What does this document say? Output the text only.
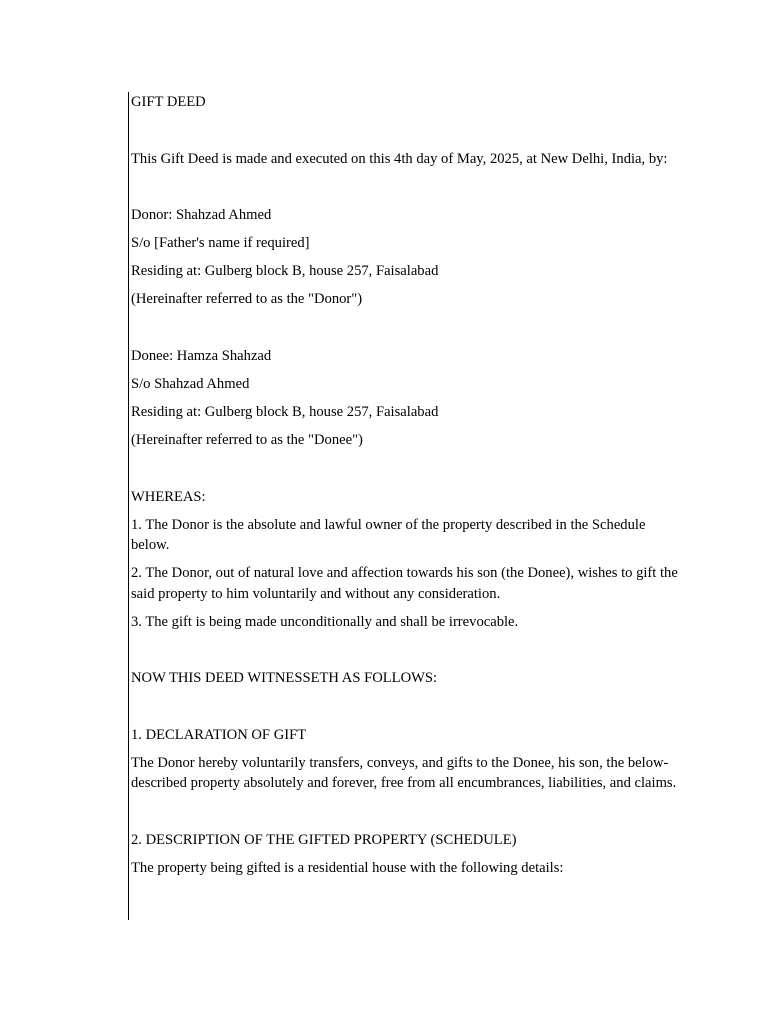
GIFT DEED

This Gift Deed is made and executed on this 4th day of May, 2025, at New Delhi, India, by:

Donor: Shahzad Ahmed

S/o [Father's name if required]

Residing at: Gulberg block B, house 257, Faisalabad

(Hereinafter referred to as the "Donor")

Donee: Hamza Shahzad

S/o Shahzad Ahmed

Residing at: Gulberg block B, house 257, Faisalabad

(Hereinafter referred to as the "Donee")

WHEREAS:

1. The Donor is the absolute and lawful owner of the property described in the Schedule below.

2. The Donor, out of natural love and affection towards his son (the Donee), wishes to gift the said property to him voluntarily and without any consideration.

3. The gift is being made unconditionally and shall be irrevocable.

NOW THIS DEED WITNESSETH AS FOLLOWS:

1. DECLARATION OF GIFT

The Donor hereby voluntarily transfers, conveys, and gifts to the Donee, his son, the below-described property absolutely and forever, free from all encumbrances, liabilities, and claims.

2. DESCRIPTION OF THE GIFTED PROPERTY (SCHEDULE)

The property being gifted is a residential house with the following details:
